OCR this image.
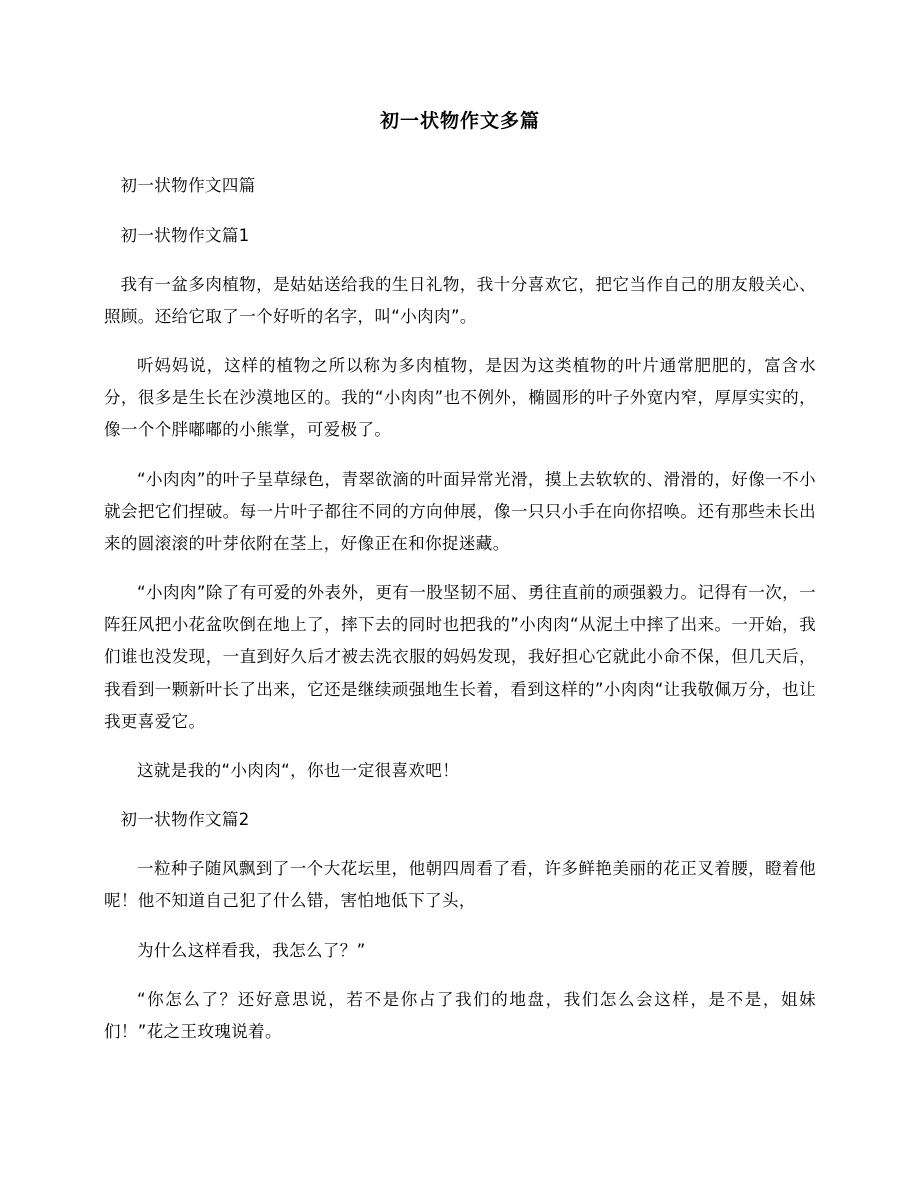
初一状物作文多篇
初一状物作文四篇
初一状物作文篇1
我有一盆多肉植物，是姑姑送给我的生日礼物，我十分喜欢它，把它当作自己的朋友般关心、照顾。还给它取了一个好听的名字，叫“小肉肉”。
听妈妈说，这样的植物之所以称为多肉植物，是因为这类植物的叶片通常肥肥的，富含水分，很多是生长在沙漠地区的。我的“小肉肉”也不例外，椭圆形的叶子外宽内窄，厚厚实实的，像一个个胖嘟嘟的小熊掌，可爱极了。
“小肉肉”的叶子呈草绿色，青翠欲滴的叶面异常光滑，摸上去软软的、滑滑的，好像一不小就会把它们捏破。每一片叶子都往不同的方向伸展，像一只只小手在向你招唤。还有那些未长出来的圆滚滚的叶芽依附在茎上，好像正在和你捉迷藏。
“小肉肉”除了有可爱的外表外，更有一股坚韧不屈、勇往直前的顽强毅力。记得有一次，一阵狂风把小花盆吹倒在地上了，摔下去的同时也把我的”小肉肉“从泥土中摔了出来。一开始，我们谁也没发现，一直到好久后才被去洗衣服的妈妈发现，我好担心它就此小命不保，但几天后，我看到一颗新叶长了出来，它还是继续顽强地生长着，看到这样的”小肉肉“让我敬佩万分，也让我更喜爱它。
这就是我的“小肉肉“，你也一定很喜欢吧！
初一状物作文篇2
一粒种子随风飘到了一个大花坛里，他朝四周看了看，许多鲜艳美丽的花正叉着腰，瞪着他呢！他不知道自己犯了什么错，害怕地低下了头，
为什么这样看我，我怎么了？”
“你怎么了？还好意思说，若不是你占了我们的地盘，我们怎么会这样，是不是，姐妹们！”花之王玫瑰说着。
